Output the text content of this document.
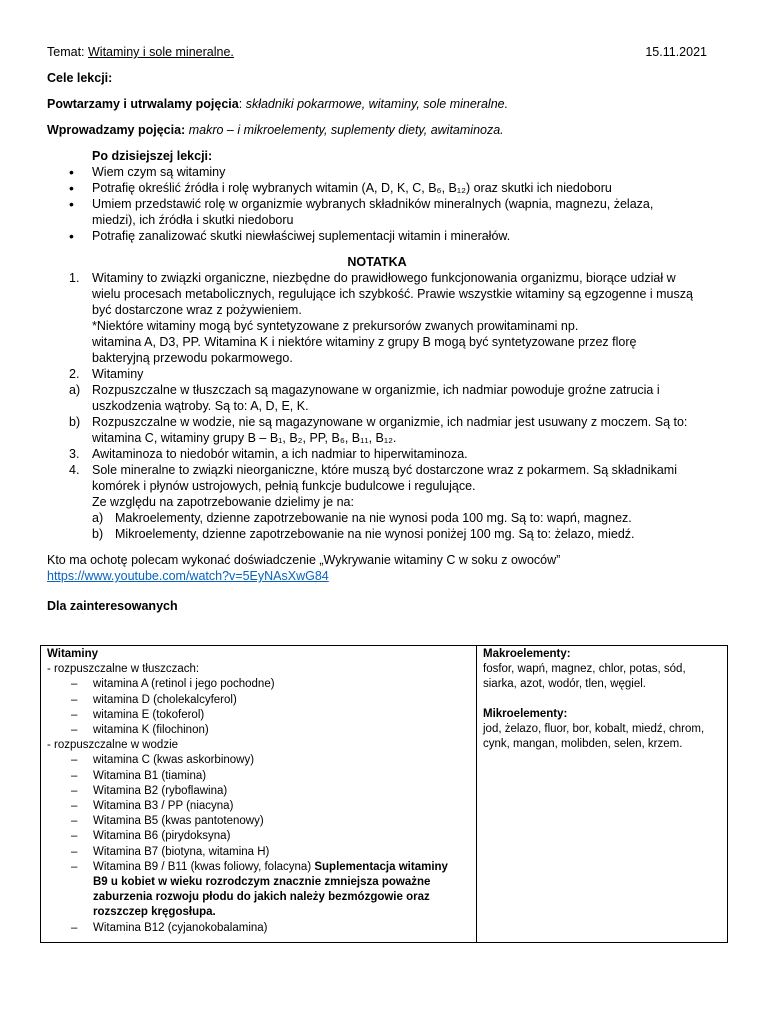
Temat: Witaminy i sole mineralne.	15.11.2021

Cele lekcji:

Powtarzamy i utrwalamy pojęcia: składniki pokarmowe, witaminy, sole mineralne.

Wprowadzamy pojęcia: makro – i mikroelementy, suplementy diety, awitaminoza.

Po dzisiejszej lekcji:

• Wiem czym są witaminy
• Potrafię określić źródła i rolę wybranych witamin (A, D, K, C, B₆, B₁₂) oraz skutki ich niedoboru
• Umiem przedstawić rolę w organizmie wybranych składników mineralnych (wapnia, magnezu, żelaza,
miedzi), ich źródła i skutki niedoboru
• Potrafię zanalizować skutki niewłaściwej suplementacji witamin i minerałów.
NOTATKA
1. Witaminy to związki organiczne, niezbędne do prawidłowego funkcjonowania organizmu, biorące udział w
wielu procesach metabolicznych, regulujące ich szybkość. Prawie wszystkie witaminy są egzogenne i muszą
być dostarczone wraz z pożywieniem.
*Niektóre witaminy mogą być syntetyzowane z prekursorów zwanych prowitaminami np.
witamina A, D3, PP. Witamina K i niektóre witaminy z grupy B mogą być syntetyzowane przez florę
bakteryjną przewodu pokarmowego.
2. Witaminy
a) Rozpuszczalne w tłuszczach są magazynowane w organizmie, ich nadmiar powoduje groźne zatrucia i
uszkodzenia wątroby. Są to: A, D, E, K.
b) Rozpuszczalne w wodzie, nie są magazynowane w organizmie, ich nadmiar jest usuwany z moczem. Są to:
witamina C, witaminy grupy B – B₁, B₂, PP, B₆, B₁₁, B₁₂.
3. Awitaminoza to niedobór witamin, a ich nadmiar to hiperwitaminoza.
4. Sole mineralne to związki nieorganiczne, które muszą być dostarczone wraz z pokarmem. Są składnikami
komórek i płynów ustrojowych, pełnią funkcje budulcowe i regulujące.
Ze względu na zapotrzebowanie dzielimy je na:
a) Makroelementy, dzienne zapotrzebowanie na nie wynosi poda 100 mg. Są to: wapń, magnez.
b) Mikroelementy, dzienne zapotrzebowanie na nie wynosi poniżej 100 mg. Są to: żelazo, miedź.

Kto ma ochotę polecam wykonać doświadczenie „Wykrywanie witaminy C w soku z owoców”

https://www.youtube.com/watch?v=5EyNAsXwG84

Dla zainteresowanych

Witaminy
- rozpuszczalne w tłuszczach:
– witamina A (retinol i jego pochodne)
– witamina D (cholekalcyferol)
– witamina E (tokoferol)
– witamina K (filochinon)
- rozpuszczalne w wodzie
– witamina C (kwas askorbinowy)
– Witamina B1 (tiamina)
– Witamina B2 (ryboflawina)
– Witamina B3 / PP (niacyna)
– Witamina B5 (kwas pantotenowy)
– Witamina B6 (pirydoksyna)
– Witamina B7 (biotyna, witamina H)
– Witamina B9 / B11 (kwas foliowy, folacyna) Suplementacja witaminy
B9 u kobiet w wieku rozrodczym znacznie zmniejsza poważne
zaburzenia rozwoju płodu do jakich należy bezmózgowie oraz
rozszczep kręgosłupa.
– Witamina B12 (cyjanokobalamina)

Makroelementy:
fosfor, wapń, magnez, chlor, potas, sód,
siarka, azot, wodór, tlen, węgiel.
Mikroelementy:
jod, żelazo, fluor, bor, kobalt, miedź, chrom,
cynk, mangan, molibden, selen, krzem.
